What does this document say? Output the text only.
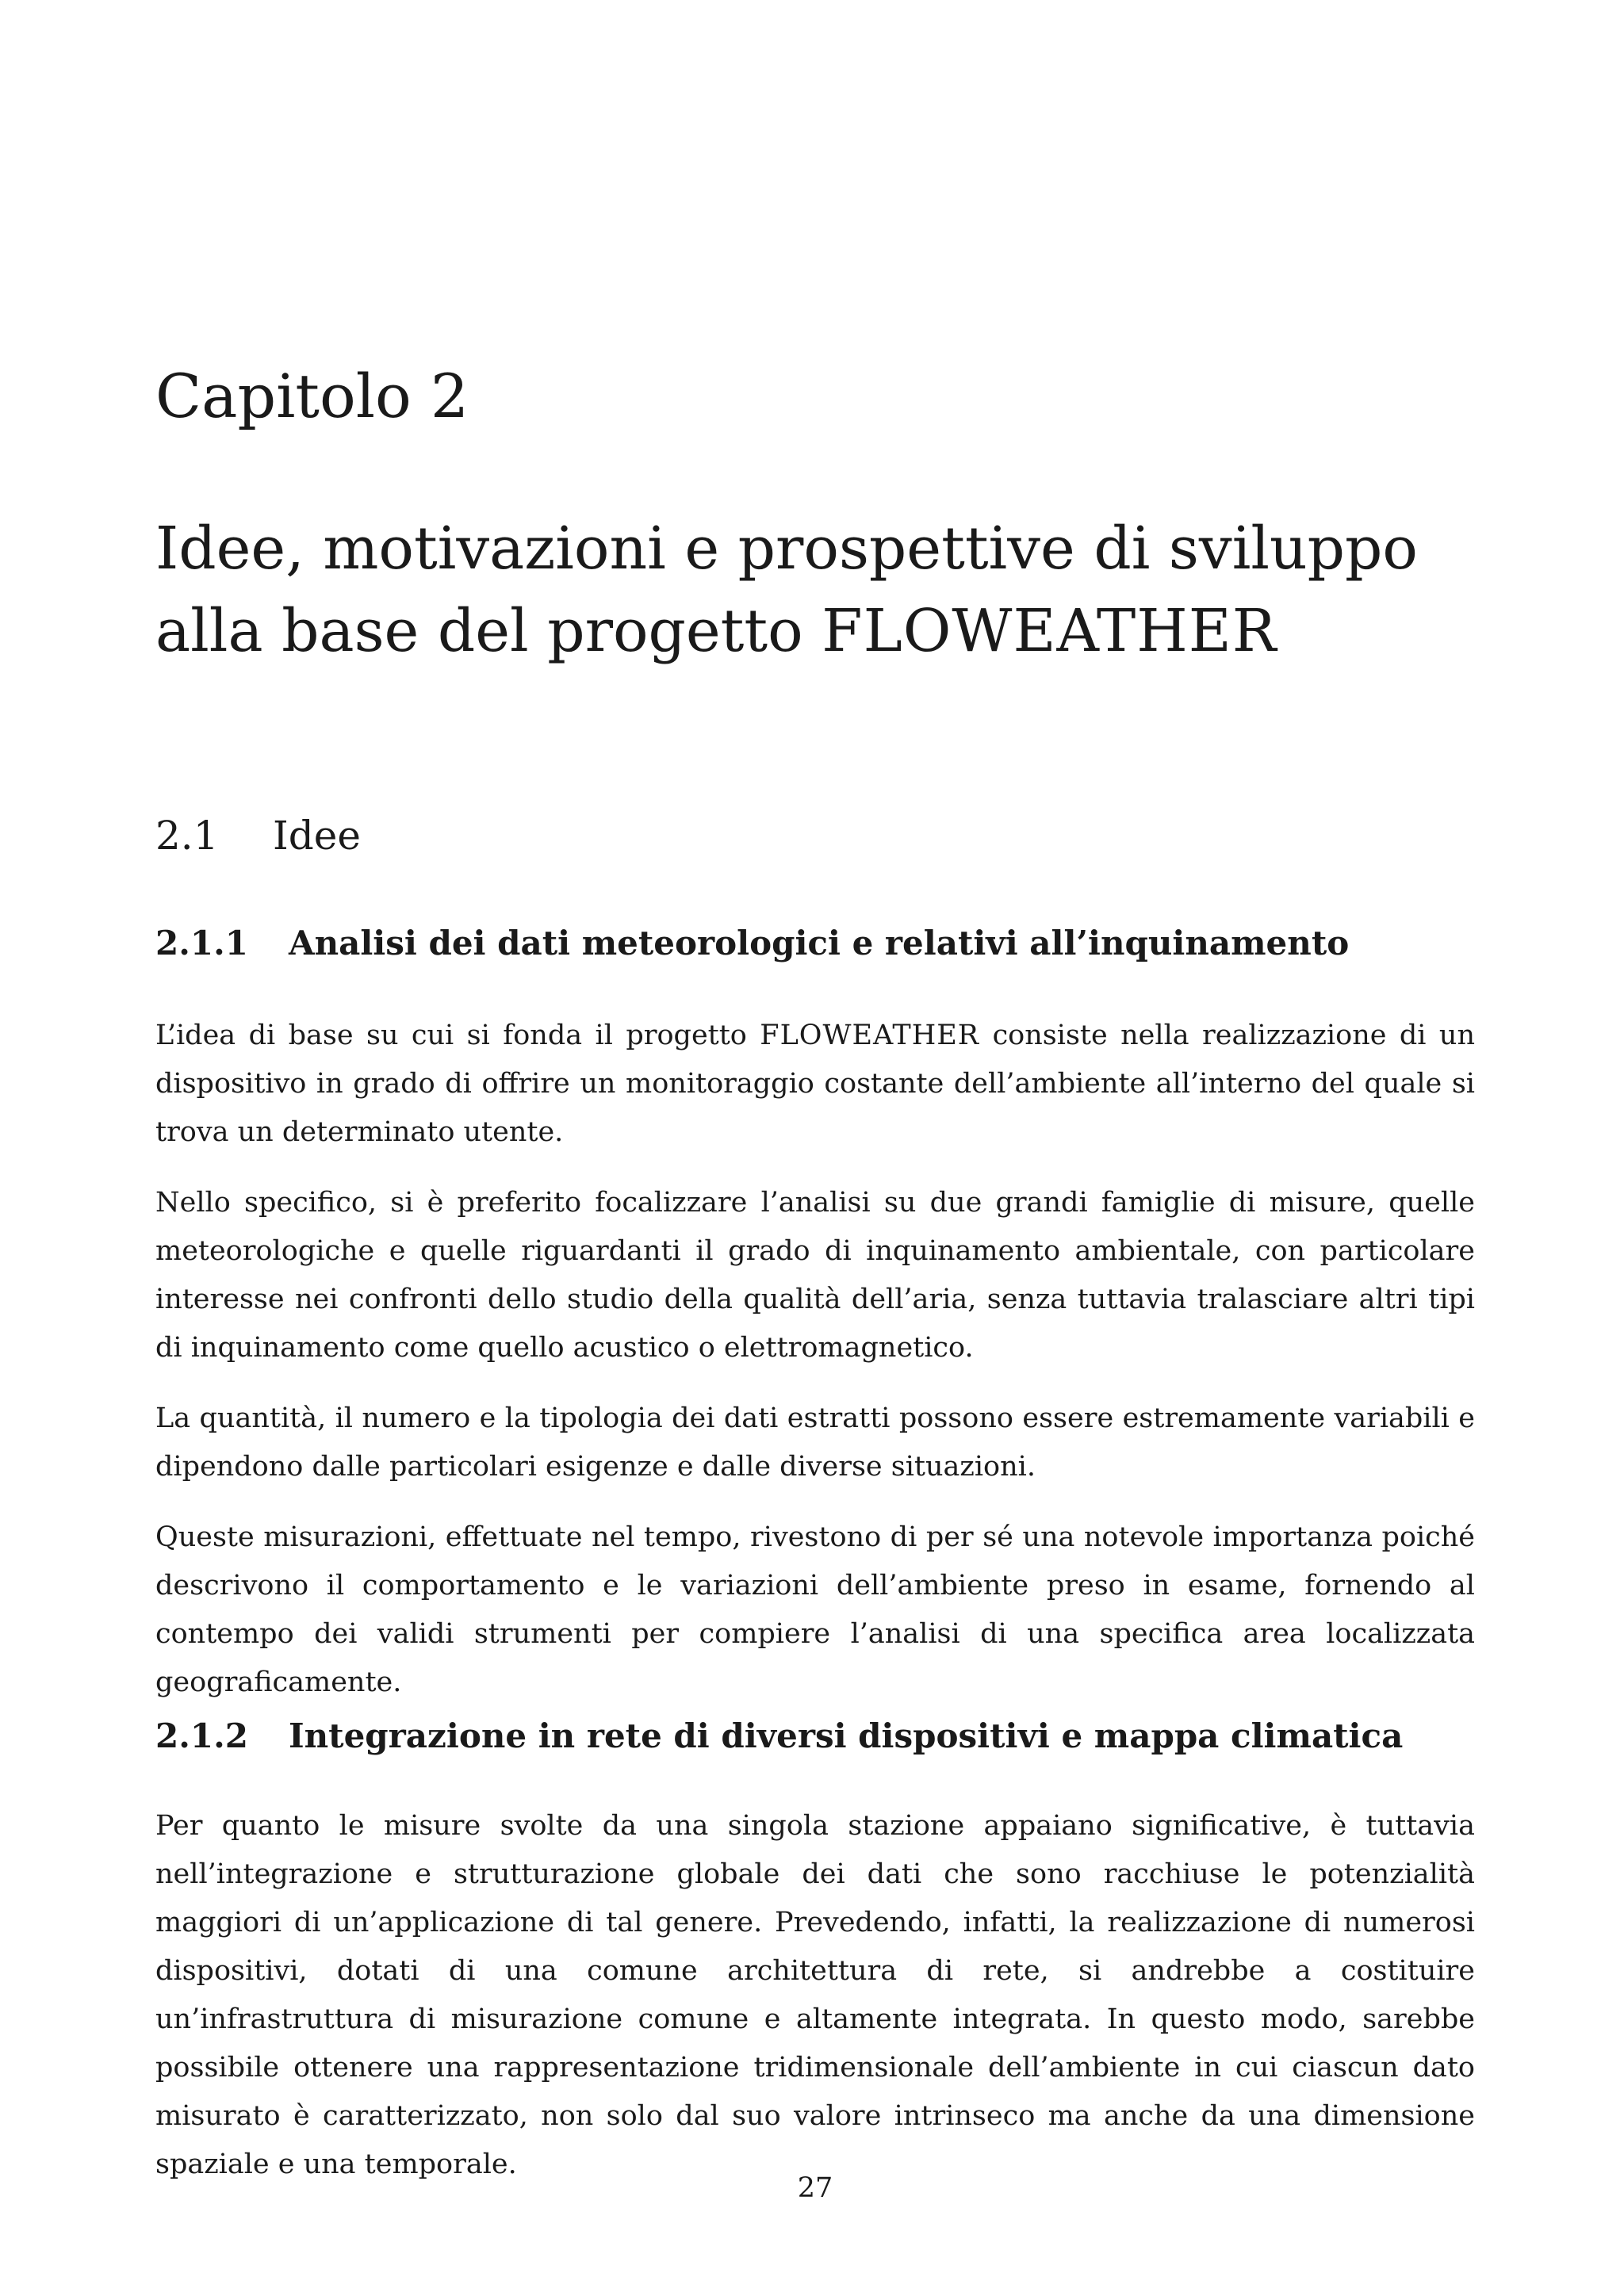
Capitolo 2
Idee, motivazioni e prospettive di sviluppo alla base del progetto FLOWEATHER
2.1 Idee
2.1.1 Analisi dei dati meteorologici e relativi all’inquinamento

L’idea di base su cui si fonda il progetto FLOWEATHER consiste nella realizzazione di un dispositivo in grado di offrire un monitoraggio costante dell’ambiente all’interno del quale si trova un determinato utente.

Nello specifico, si è preferito focalizzare l’analisi su due grandi famiglie di misure, quelle meteorologiche e quelle riguardanti il grado di inquinamento ambientale, con particolare interesse nei confronti dello studio della qualità dell’aria, senza tuttavia tralasciare altri tipi di inquinamento come quello acustico o elettromagnetico.

La quantità, il numero e la tipologia dei dati estratti possono essere estremamente variabili e dipendono dalle particolari esigenze e dalle diverse situazioni.

Queste misurazioni, effettuate nel tempo, rivestono di per sé una notevole importanza poiché descrivono il comportamento e le variazioni dell’ambiente preso in esame, fornendo al contempo dei validi strumenti per compiere l’analisi di una specifica area localizzata geograficamente.

2.1.2 Integrazione in rete di diversi dispositivi e mappa climatica

Per quanto le misure svolte da una singola stazione appaiano significative, è tuttavia nell’integrazione e strutturazione globale dei dati che sono racchiuse le potenzialità maggiori di un’applicazione di tal genere. Prevedendo, infatti, la realizzazione di numerosi dispositivi, dotati di una comune architettura di rete, si andrebbe a costituire un’infrastruttura di misurazione comune e altamente integrata. In questo modo, sarebbe possibile ottenere una rappresentazione tridimensionale dell’ambiente in cui ciascun dato misurato è caratterizzato, non solo dal suo valore intrinseco ma anche da una dimensione spaziale e una temporale.

27
